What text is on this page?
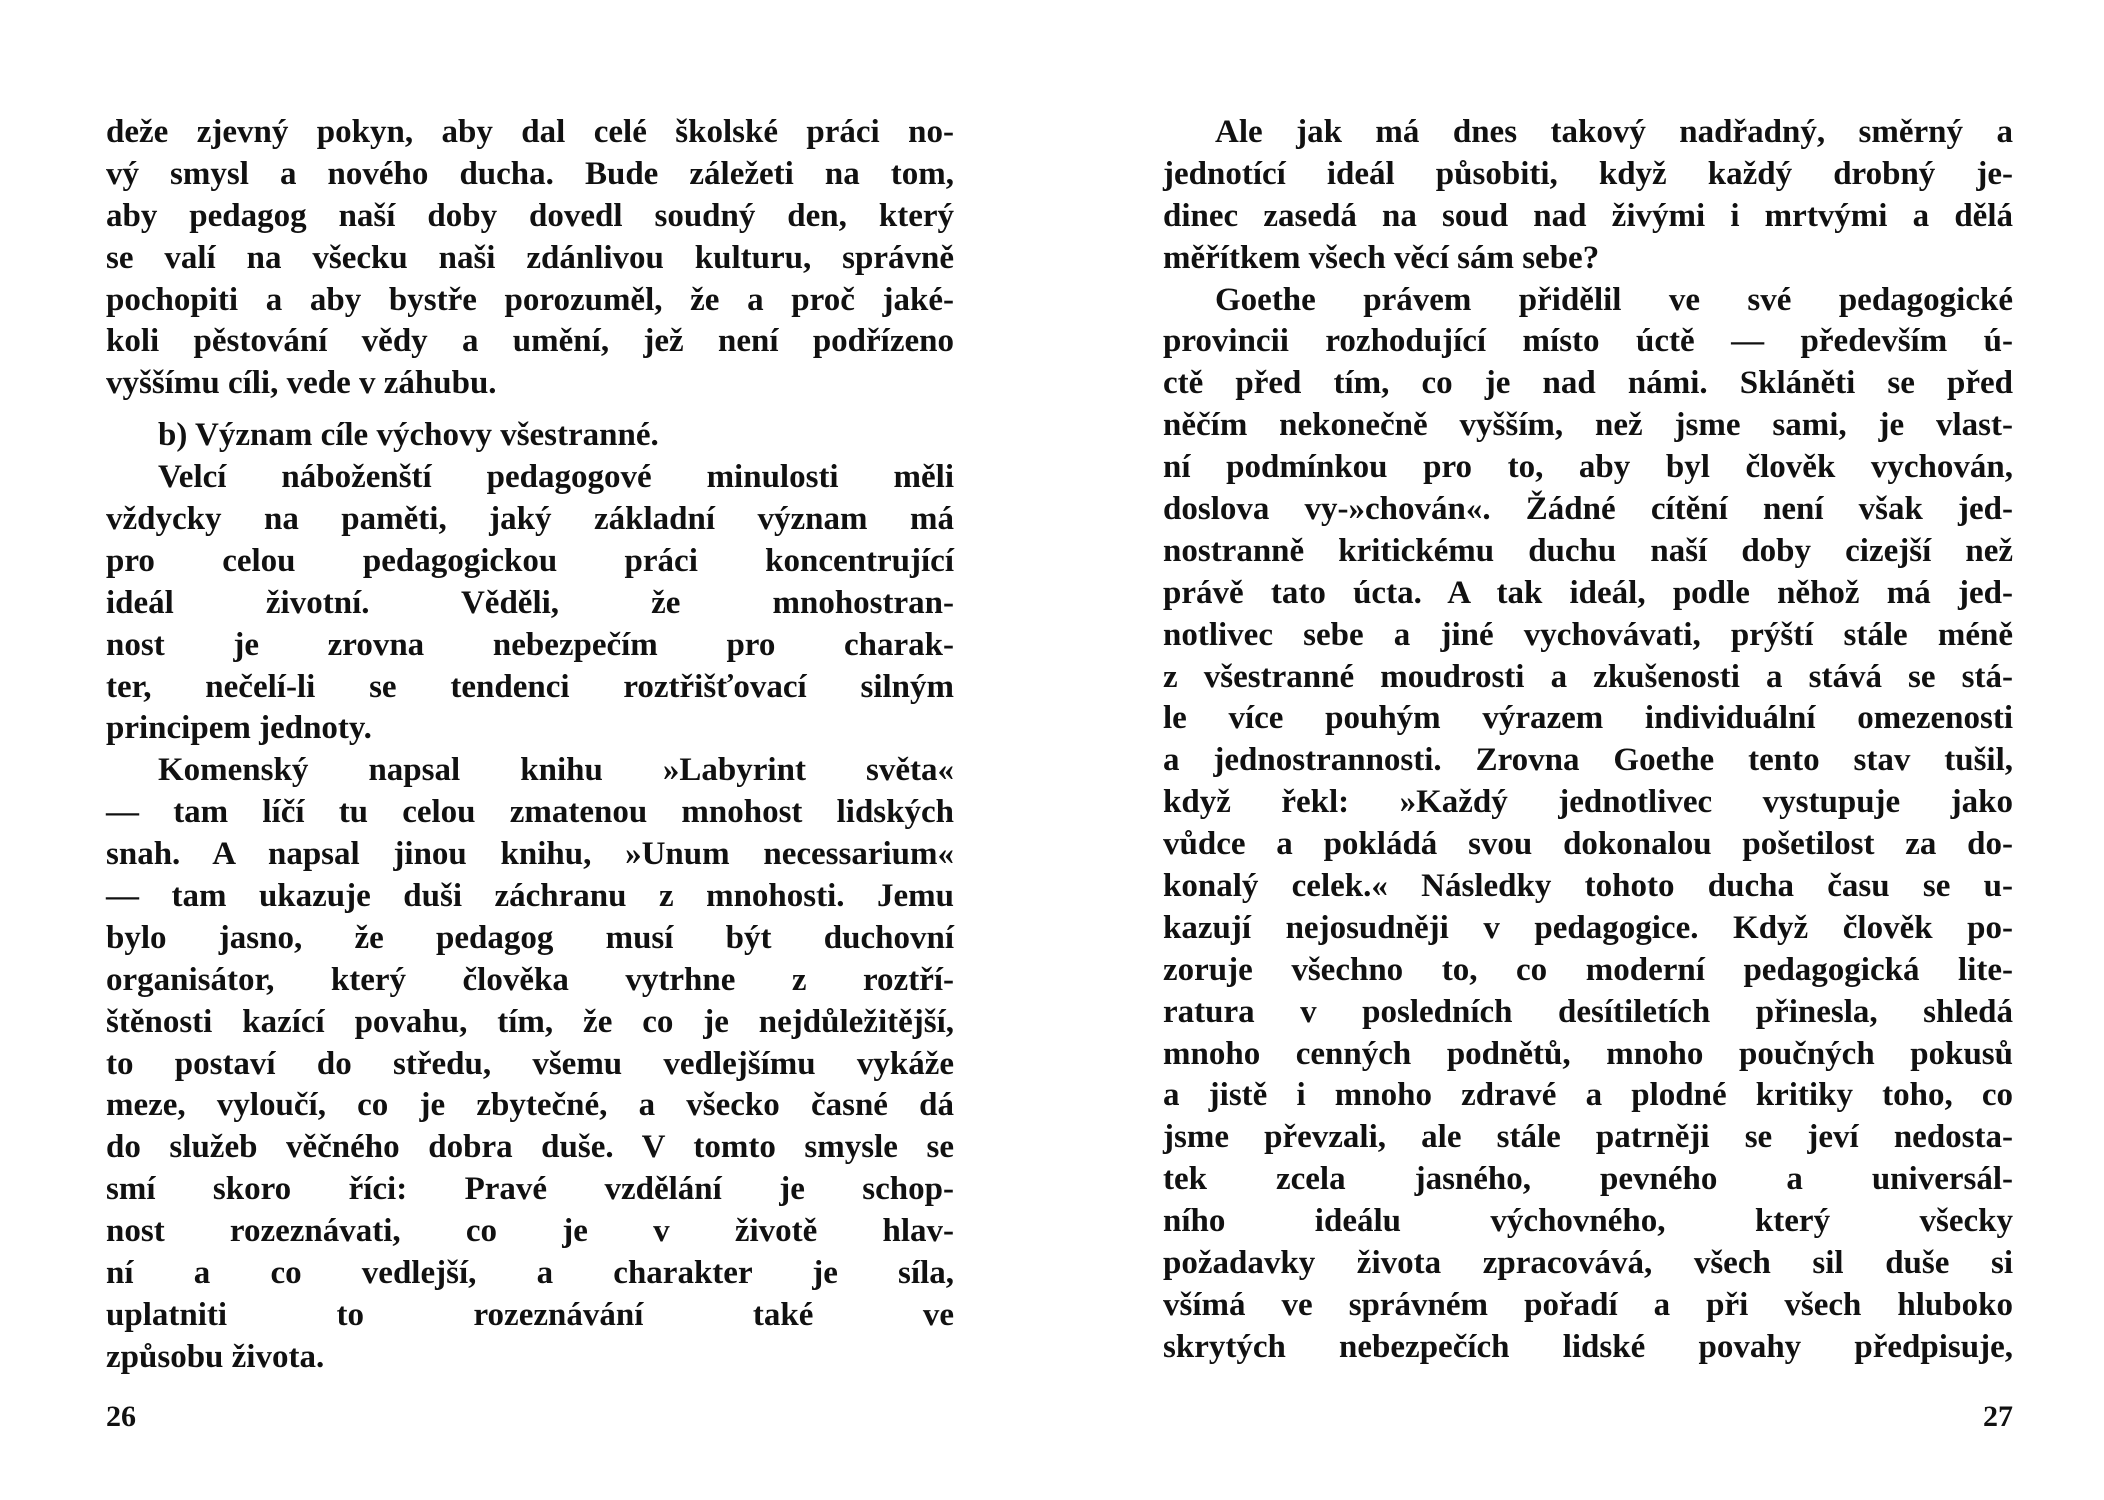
deže zjevný pokyn, aby dal celé školské práci no-
vý smysl a nového ducha. Bude záležeti na tom,
aby pedagog naší doby dovedl soudný den, který
se valí na všecku naši zdánlivou kulturu, správně
pochopiti a aby bystře porozuměl, že a proč jaké-
koli pěstování vědy a umění, jež není podřízeno
vyššímu cíli, vede v záhubu.
b) Význam cíle výchovy všestranné.
Velcí náboženští pedagogové minulosti měli
vždycky na paměti, jaký základní význam má
pro celou pedagogickou práci koncentrující
ideál životní. Věděli, že mnohostran-
nost je zrovna nebezpečím pro charak-
ter, nečelí-li se tendenci roztřišťovací silným
principem jednoty.
Komenský napsal knihu »Labyrint světa«
— tam líčí tu celou zmatenou mnohost lidských
snah. A napsal jinou knihu, »Unum necessarium«
— tam ukazuje duši záchranu z mnohosti. Jemu
bylo jasno, že pedagog musí být duchovní
organisátor, který člověka vytrhne z roztří-
štěnosti kazící povahu, tím, že co je nejdůležitější,
to postaví do středu, všemu vedlejšímu vykáže
meze, vyloučí, co je zbytečné, a všecko časné dá
do služeb věčného dobra duše. V tomto smysle se
smí skoro říci: Pravé vzdělání je schop-
nost rozeznávati, co je v životě hlav-
ní a co vedlejší, a charakter je síla,
uplatniti to rozeznávání také ve
způsobu života.
26
Ale jak má dnes takový nadřadný, směrný a
jednotící ideál působiti, když každý drobný je-
dinec zasedá na soud nad živými i mrtvými a dělá
měřítkem všech věcí sám sebe?
Goethe právem přidělil ve své pedagogické
provincii rozhodující místo úctě — především ú-
ctě před tím, co je nad námi. Skláněti se před
něčím nekonečně vyšším, než jsme sami, je vlast-
ní podmínkou pro to, aby byl člověk vychován,
doslova vy-»chován«. Žádné cítění není však jed-
nostranně kritickému duchu naší doby cizejší než
právě tato úcta. A tak ideál, podle něhož má jed-
notlivec sebe a jiné vychovávati, prýští stále méně
z všestranné moudrosti a zkušenosti a stává se stá-
le více pouhým výrazem individuální omezenosti
a jednostrannosti. Zrovna Goethe tento stav tušil,
když řekl: »Každý jednotlivec vystupuje jako
vůdce a pokládá svou dokonalou pošetilost za do-
konalý celek.« Následky tohoto ducha času se u-
kazují nejosudněji v pedagogice. Když člověk po-
zoruje všechno to, co moderní pedagogická lite-
ratura v posledních desítiletích přinesla, shledá
mnoho cenných podnětů, mnoho poučných pokusů
a jistě i mnoho zdravé a plodné kritiky toho, co
jsme převzali, ale stále patrněji se jeví nedosta-
tek zcela jasného, pevného a universál-
ního ideálu výchovného, který všecky
požadavky života zpracovává, všech sil duše si
všímá ve správném pořadí a při všech hluboko
skrytých nebezpečích lidské povahy předpisuje,
27
